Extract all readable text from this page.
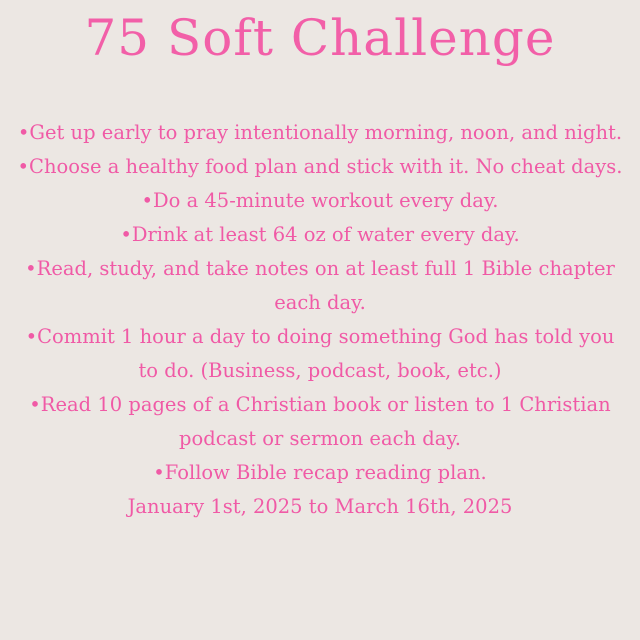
75 Soft Challenge

•Get up early to pray intentionally morning, noon, and night.

•Choose a healthy food plan and stick with it. No cheat days.

•Do a 45-minute workout every day.

•Drink at least 64 oz of water every day.

•Read, study, and take notes on at least full 1 Bible chapter each day.

•Commit 1 hour a day to doing something God has told you to do. (Business, podcast, book, etc.)

•Read 10 pages of a Christian book or listen to 1 Christian podcast or sermon each day.

•Follow Bible recap reading plan.

January 1st, 2025 to March 16th, 2025
